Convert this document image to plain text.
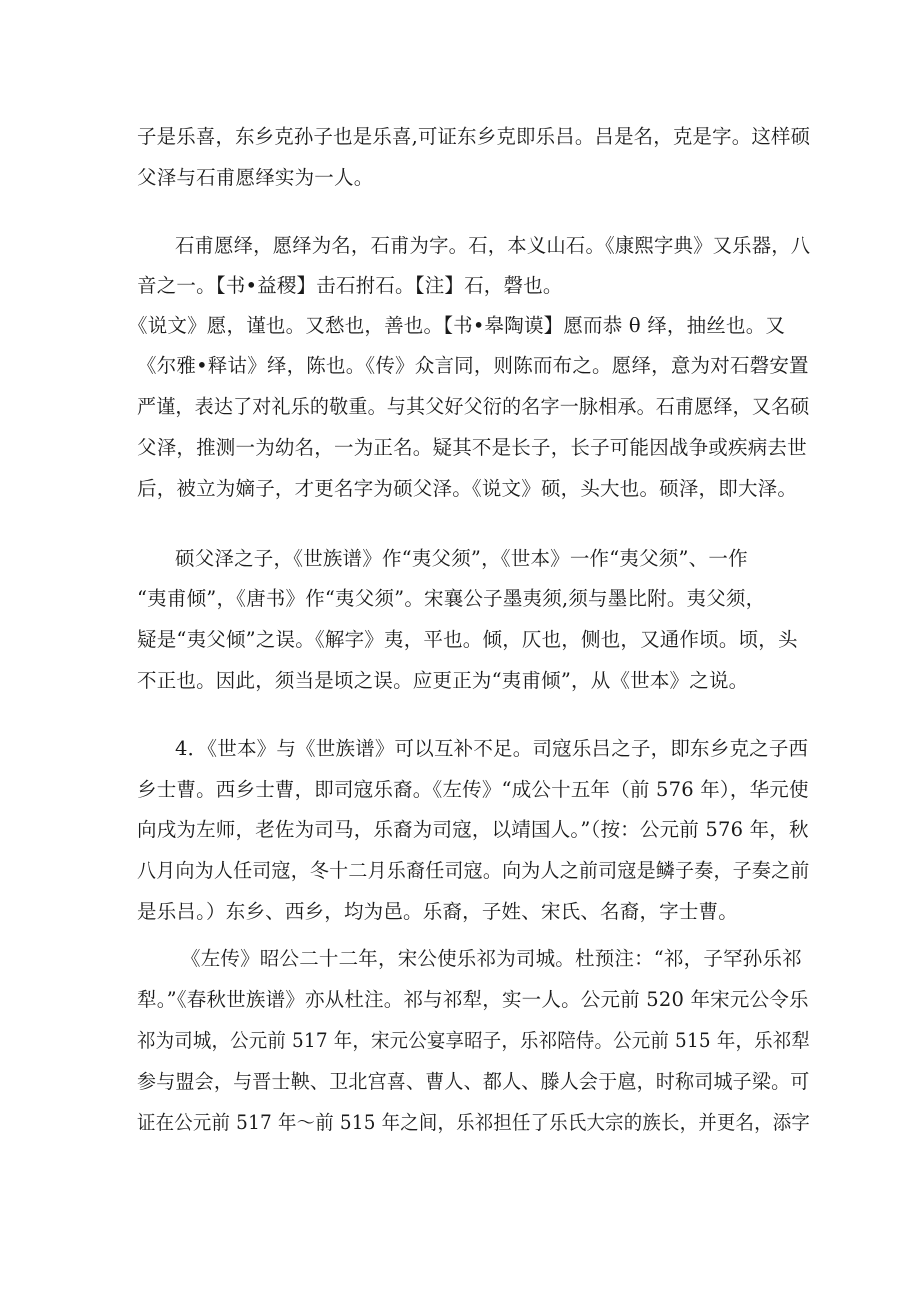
子是乐喜，东乡克孙子也是乐喜,可证东乡克即乐吕。吕是名，克是字。这样硕
父泽与石甫愿绎实为一人。
石甫愿绎，愿绎为名，石甫为字。石，本义山石。《康熙字典》又乐器，八
音之一。【书•益稷】击石拊石。【注】石，磬也。
《说文》愿，谨也。又愁也，善也。【书•皋陶谟】愿而恭 θ 绎，抽丝也。又
《尔雅•释诂》绎，陈也。《传》众言同，则陈而布之。愿绎，意为对石磬安置
严谨，表达了对礼乐的敬重。与其父好父衍的名字一脉相承。石甫愿绎，又名硕
父泽，推测一为幼名，一为正名。疑其不是长子，长子可能因战争或疾病去世
后，被立为嫡子，才更名字为硕父泽。《说文》硕，头大也。硕泽，即大泽。
硕父泽之子，《世族谱》作“夷父须”，《世本》一作“夷父须”、一作
“夷甫倾”，《唐书》作“夷父须”。宋襄公子墨夷须,须与墨比附。夷父须，
疑是“夷父倾”之误。《解字》夷，平也。倾，仄也，侧也，又通作顷。顷，头
不正也。因此，须当是顷之误。应更正为“夷甫倾”，从《世本》之说。
4．《世本》与《世族谱》可以互补不足。司寇乐吕之子，即东乡克之子西
乡士曹。西乡士曹，即司寇乐裔。《左传》“成公十五年（前 576 年），华元使
向戌为左师，老佐为司马，乐裔为司寇，以靖国人。”（按：公元前 576 年，秋
八月向为人任司寇，冬十二月乐裔任司寇。向为人之前司寇是鳞子奏，子奏之前
是乐吕。）东乡、西乡，均为邑。乐裔，子姓、宋氏、名裔，字士曹。
《左传》昭公二十二年，宋公使乐祁为司城。杜预注：“祁，子罕孙乐祁
犁。”《春秋世族谱》亦从杜注。祁与祁犁，实一人。公元前 520 年宋元公令乐
祁为司城，公元前 517 年，宋元公宴享昭子，乐祁陪侍。公元前 515 年，乐祁犁
参与盟会，与晋士鞅、卫北宫喜、曹人、都人、滕人会于扈，时称司城子梁。可
证在公元前 517 年～前 515 年之间，乐祁担任了乐氏大宗的族长，并更名，添字
